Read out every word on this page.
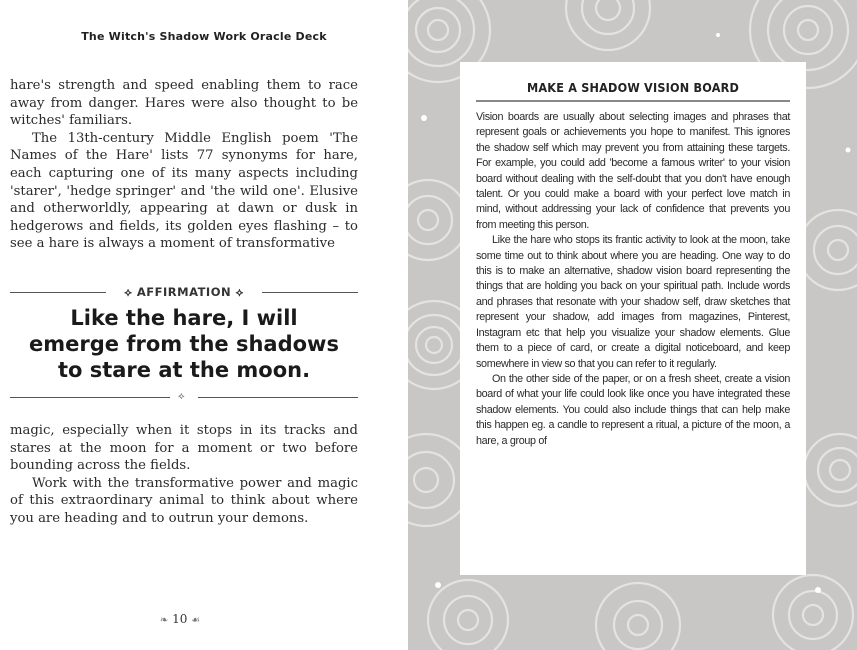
The Witch's Shadow Work Oracle Deck

hare's strength and speed enabling them to race away from danger. Hares were also thought to be witches' familiars.

The 13th-century Middle English poem 'The Names of the Hare' lists 77 synonyms for hare, each capturing one of its many aspects including 'starer', 'hedge springer' and 'the wild one'. Elusive and otherworldly, appearing at dawn or dusk in hedgerows and fields, its golden eyes flashing – to see a hare is always a moment of transformative

⟡ AFFIRMATION ⟡
Like the hare, I will
emerge from the shadows
to stare at the moon.
⟡

magic, especially when it stops in its tracks and stares at the moon for a moment or two before bounding across the fields.

Work with the transformative power and magic of this extraordinary animal to think about where you are heading and to outrun your demons.

❧ 10 ☙
MAKE A SHADOW VISION BOARD

Vision boards are usually about selecting images and phrases that represent goals or achievements you hope to manifest. This ignores the shadow self which may prevent you from attaining these targets. For example, you could add 'become a famous writer' to your vision board without dealing with the self-doubt that you don't have enough talent. Or you could make a board with your perfect love match in mind, without addressing your lack of confidence that prevents you from meeting this person.

Like the hare who stops its frantic activity to look at the moon, take some time out to think about where you are heading. One way to do this is to make an alternative, shadow vision board representing the things that are holding you back on your spiritual path. Include words and phrases that resonate with your shadow self, draw sketches that represent your shadow, add images from magazines, Pinterest, Instagram etc that help you visualize your shadow elements. Glue them to a piece of card, or create a digital noticeboard, and keep somewhere in view so that you can refer to it regularly.

On the other side of the paper, or on a fresh sheet, create a vision board of what your life could look like once you have integrated these shadow elements. You could also include things that can help make this happen eg. a candle to represent a ritual, a picture of the moon, a hare, a group of
